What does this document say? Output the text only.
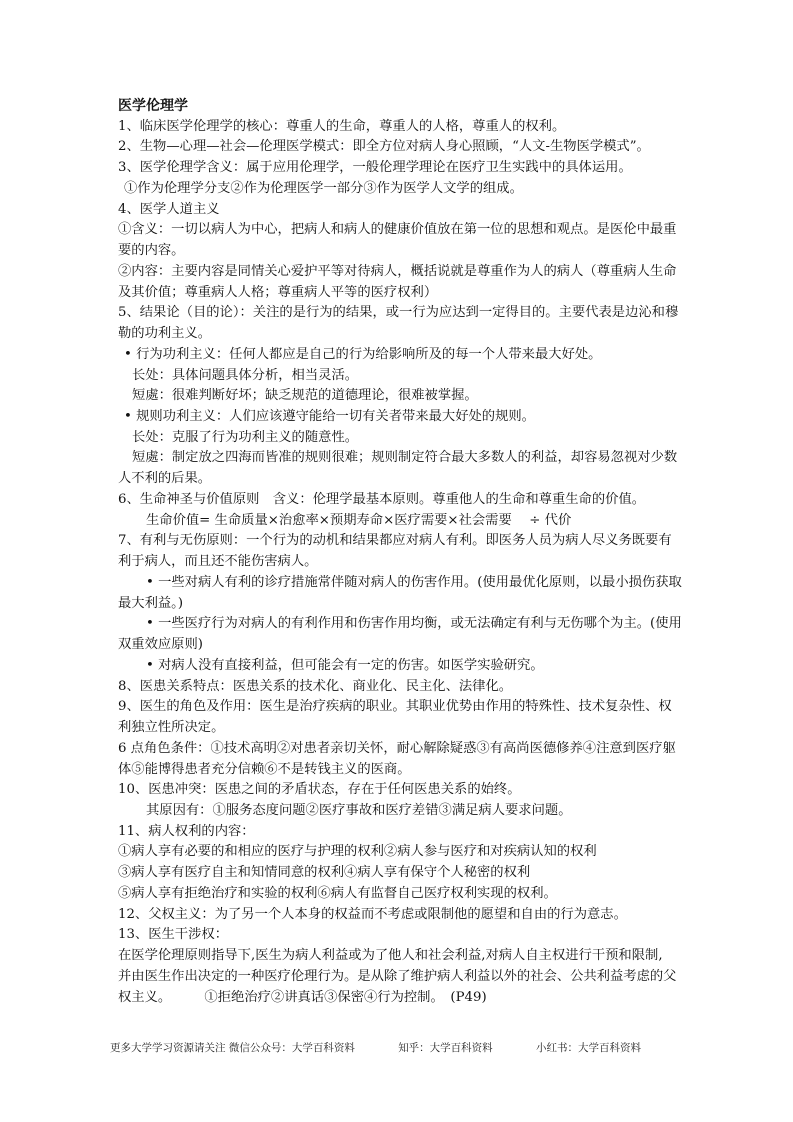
医学伦理学
1、临床医学伦理学的核心：尊重人的生命，尊重人的人格，尊重人的权利。
2、生物—心理—社会—伦理医学模式：即全方位对病人身心照顾，“人文-生物医学模式”。
3、医学伦理学含义：属于应用伦理学，一般伦理学理论在医疗卫生实践中的具体运用。
①作为伦理学分支②作为伦理医学一部分③作为医学人文学的组成。
4、医学人道主义
①含义：一切以病人为中心，把病人和病人的健康价值放在第一位的思想和观点。是医伦中最重
要的内容。
②内容：主要内容是同情关心爱护平等对待病人，概括说就是尊重作为人的病人（尊重病人生命
及其价值；尊重病人人格；尊重病人平等的医疗权利）
5、结果论（目的论）：关注的是行为的结果，或一行为应达到一定得目的。主要代表是边沁和穆
勒的功利主义。
• 行为功利主义：任何人都应是自己的行为给影响所及的每一个人带来最大好处。
长处：具体问题具体分析，相当灵活。
短處：很难判断好坏；缺乏规范的道德理论，很难被掌握。
• 规则功利主义：人们应该遵守能给一切有关者带来最大好处的规则。
长处：克服了行为功利主义的随意性。
短處：制定放之四海而皆准的规则很难；规则制定符合最大多数人的利益，却容易忽视对少数
人不利的后果。
6、生命神圣与价值原则　含义：伦理学最基本原则。尊重他人的生命和尊重生命的价值。
生命价值= 生命质量×治愈率×预期寿命×医疗需要×社会需要　 ÷ 代价
7、有利与无伤原则：一个行为的动机和结果都应对病人有利。即医务人员为病人尽义务既要有
利于病人，而且还不能伤害病人。
• 一些对病人有利的诊疗措施常伴随对病人的伤害作用。(使用最优化原则，以最小损伤获取
最大利益。)
• 一些医疗行为对病人的有利作用和伤害作用均衡，或无法确定有利与无伤哪个为主。(使用
双重效应原则)
• 对病人没有直接利益，但可能会有一定的伤害。如医学实验研究。
8、医患关系特点：医患关系的技术化、商业化、民主化、法律化。
9、医生的角色及作用：医生是治疗疾病的职业。其职业优势由作用的特殊性、技术复杂性、权
利独立性所决定。
6 点角色条件：①技术高明②对患者亲切关怀，耐心解除疑惑③有高尚医德修养④注意到医疗躯
体⑤能博得患者充分信赖⑥不是转钱主义的医商。
10、医患冲突：医患之间的矛盾状态，存在于任何医患关系的始终。
其原因有：①服务态度问题②医疗事故和医疗差错③满足病人要求问题。
11、病人权利的内容：
①病人享有必要的和相应的医疗与护理的权利②病人参与医疗和对疾病认知的权利
③病人享有医疗自主和知情同意的权利④病人享有保守个人秘密的权利
⑤病人享有拒绝治疗和实验的权利⑥病人有监督自己医疗权利实现的权利。
12、父权主义：为了另一个人本身的权益而不考虑或限制他的愿望和自由的行为意志。
13、医生干涉权：
在医学伦理原则指导下,医生为病人利益或为了他人和社会利益,对病人自主权进行干预和限制,
并由医生作出决定的一种医疗伦理行为。是从除了维护病人利益以外的社会、公共利益考虑的父
权主义。　　　①拒绝治疗②讲真话③保密④行为控制。　(P49)
更多大学学习资源请关注 微信公众号：大学百科资料	知乎：大学百科资料	小红书：大学百科资料
